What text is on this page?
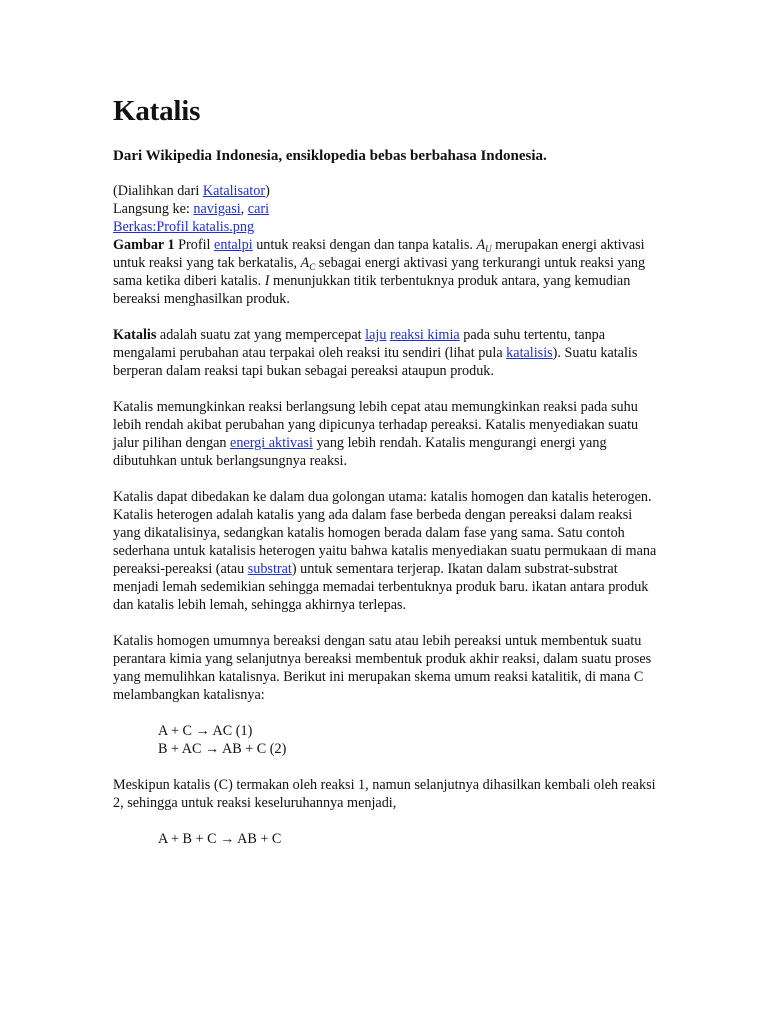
Katalis
Dari Wikipedia Indonesia, ensiklopedia bebas berbahasa Indonesia.
(Dialihkan dari Katalisator)
Langsung ke: navigasi, cari
Berkas:Profil katalis.png

Gambar 1 Profil entalpi untuk reaksi dengan dan tanpa katalis. $A_U$ merupakan energi aktivasi untuk reaksi yang tak berkatalis, $A_C$ sebagai energi aktivasi yang terkurangi untuk reaksi yang sama ketika diberi katalis. I menunjukkan titik terbentuknya produk antara, yang kemudian bereaksi menghasilkan produk.

Katalis adalah suatu zat yang mempercepat laju reaksi kimia pada suhu tertentu, tanpa mengalami perubahan atau terpakai oleh reaksi itu sendiri (lihat pula katalisis). Suatu katalis berperan dalam reaksi tapi bukan sebagai pereaksi ataupun produk.

Katalis memungkinkan reaksi berlangsung lebih cepat atau memungkinkan reaksi pada suhu lebih rendah akibat perubahan yang dipicunya terhadap pereaksi. Katalis menyediakan suatu jalur pilihan dengan energi aktivasi yang lebih rendah. Katalis mengurangi energi yang dibutuhkan untuk berlangsungnya reaksi.

Katalis dapat dibedakan ke dalam dua golongan utama: katalis homogen dan katalis heterogen. Katalis heterogen adalah katalis yang ada dalam fase berbeda dengan pereaksi dalam reaksi yang dikatalisinya, sedangkan katalis homogen berada dalam fase yang sama. Satu contoh sederhana untuk katalisis heterogen yaitu bahwa katalis menyediakan suatu permukaan di mana pereaksi-pereaksi (atau substrat) untuk sementara terjerap. Ikatan dalam substrat-substrat menjadi lemah sedemikian sehingga memadai terbentuknya produk baru. ikatan antara produk dan katalis lebih lemah, sehingga akhirnya terlepas.

Katalis homogen umumnya bereaksi dengan satu atau lebih pereaksi untuk membentuk suatu perantara kimia yang selanjutnya bereaksi membentuk produk akhir reaksi, dalam suatu proses yang memulihkan katalisnya. Berikut ini merupakan skema umum reaksi katalitik, di mana C melambangkan katalisnya:

A + C → AC (1)
B + AC → AB + C (2)

Meskipun katalis (C) termakan oleh reaksi 1, namun selanjutnya dihasilkan kembali oleh reaksi 2, sehingga untuk reaksi keseluruhannya menjadi,

A + B + C → AB + C
